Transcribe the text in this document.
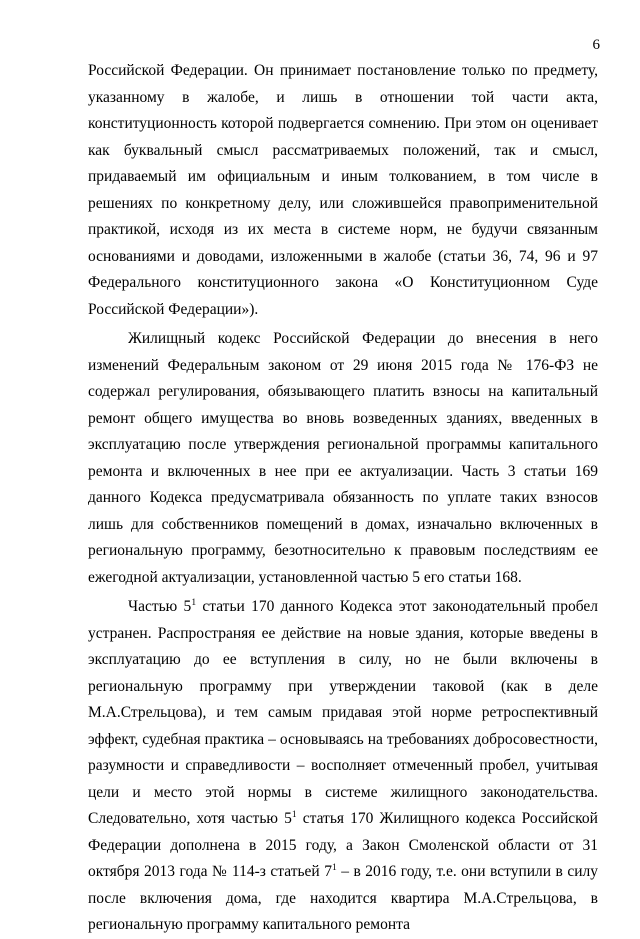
6

Российской Федерации. Он принимает постановление только по предмету, указанному в жалобе, и лишь в отношении той части акта, конституционность которой подвергается сомнению. При этом он оценивает как буквальный смысл рассматриваемых положений, так и смысл, придаваемый им официальным и иным толкованием, в том числе в решениях по конкретному делу, или сложившейся правоприменительной практикой, исходя из их места в системе норм, не будучи связанным основаниями и доводами, изложенными в жалобе (статьи 36, 74, 96 и 97 Федерального конституционного закона «О Конституционном Суде Российской Федерации»).

Жилищный кодекс Российской Федерации до внесения в него изменений Федеральным законом от 29 июня 2015 года № 176-ФЗ не содержал регулирования, обязывающего платить взносы на капитальный ремонт общего имущества во вновь возведенных зданиях, введенных в эксплуатацию после утверждения региональной программы капитального ремонта и включенных в нее при ее актуализации. Часть 3 статьи 169 данного Кодекса предусматривала обязанность по уплате таких взносов лишь для собственников помещений в домах, изначально включенных в региональную программу, безотносительно к правовым последствиям ее ежегодной актуализации, установленной частью 5 его статьи 168.

Частью $5^1$ статьи 170 данного Кодекса этот законодательный пробел устранен. Распространяя ее действие на новые здания, которые введены в эксплуатацию до ее вступления в силу, но не были включены в региональную программу при утверждении таковой (как в деле М.А.Стрельцова), и тем самым придавая этой норме ретроспективный эффект, судебная практика – основываясь на требованиях добросовестности, разумности и справедливости – восполняет отмеченный пробел, учитывая цели и место этой нормы в системе жилищного законодательства. Следовательно, хотя частью $5^1$ статья 170 Жилищного кодекса Российской Федерации дополнена в 2015 году, а Закон Смоленской области от 31 октября 2013 года № 114-з статьей $7^1$ – в 2016 году, т.е. они вступили в силу после включения дома, где находится квартира М.А.Стрельцова, в региональную программу капитального ремонта
